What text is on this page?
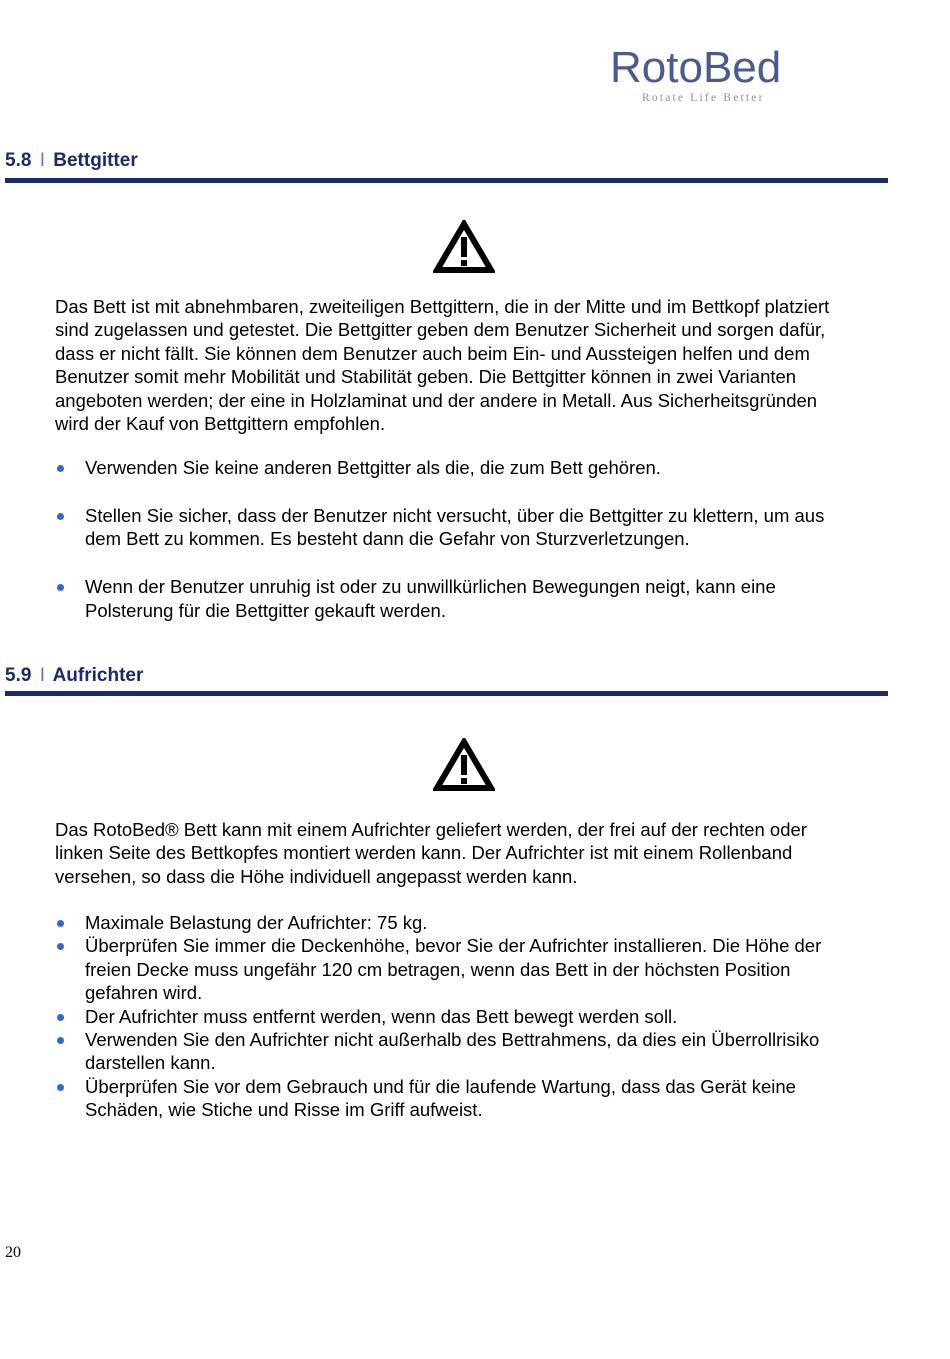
RotoBed
Rotate Life Better
5.8 I Bettgitter
Das Bett ist mit abnehmbaren, zweiteiligen Bettgittern, die in der Mitte und im Bettkopf platziert
sind zugelassen und getestet. Die Bettgitter geben dem Benutzer Sicherheit und sorgen dafür,
dass er nicht fällt. Sie können dem Benutzer auch beim Ein- und Aussteigen helfen und dem
Benutzer somit mehr Mobilität und Stabilität geben. Die Bettgitter können in zwei Varianten
angeboten werden; der eine in Holzlaminat und der andere in Metall. Aus Sicherheitsgründen
wird der Kauf von Bettgittern empfohlen.
Verwenden Sie keine anderen Bettgitter als die, die zum Bett gehören.
Stellen Sie sicher, dass der Benutzer nicht versucht, über die Bettgitter zu klettern, um aus
dem Bett zu kommen. Es besteht dann die Gefahr von Sturzverletzungen.
Wenn der Benutzer unruhig ist oder zu unwillkürlichen Bewegungen neigt, kann eine
Polsterung für die Bettgitter gekauft werden.
5.9 I Aufrichter
Das RotoBed® Bett kann mit einem Aufrichter geliefert werden, der frei auf der rechten oder
linken Seite des Bettkopfes montiert werden kann. Der Aufrichter ist mit einem Rollenband
versehen, so dass die Höhe individuell angepasst werden kann.
Maximale Belastung der Aufrichter: 75 kg.
Überprüfen Sie immer die Deckenhöhe, bevor Sie der Aufrichter installieren. Die Höhe der
freien Decke muss ungefähr 120 cm betragen, wenn das Bett in der höchsten Position
gefahren wird.
Der Aufrichter muss entfernt werden, wenn das Bett bewegt werden soll.
Verwenden Sie den Aufrichter nicht außerhalb des Bettrahmens, da dies ein Überrollrisiko
darstellen kann.
Überprüfen Sie vor dem Gebrauch und für die laufende Wartung, dass das Gerät keine
Schäden, wie Stiche und Risse im Griff aufweist.
20
